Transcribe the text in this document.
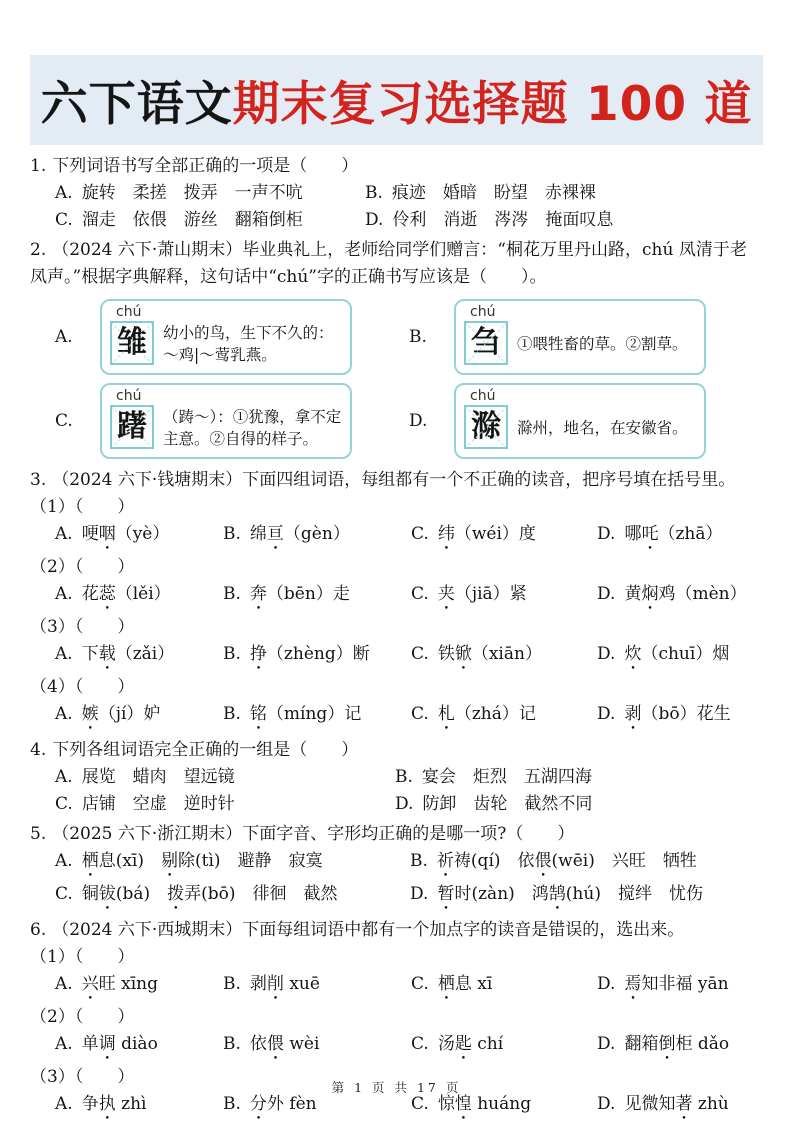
六下语文 期末复习选择题 100 道

1. 下列词语书写全部正确的一项是（　　）

A. 旋转　柔搓　拨弄　一声不吭	B. 痕迹　婚暗　盼望　赤裸裸
C. 溜走　依偎　游丝　翻箱倒柜	D. 伶利　消逝　涔涔　掩面叹息

2. （2024 六下·萧山期末）毕业典礼上，老师给同学们赠言：“桐花万里丹山路，chú 凤清于老凤声。”根据字典解释，这句话中“chú”字的正确书写应该是（　　）。

A.
chú
雏 幼小的鸟，生下不久的：～鸡|～莺乳燕。
B.
chú
刍 ①喂牲畜的草。②割草。
C.
chú
躇 （踌～）：①犹豫，拿不定主意。②自得的样子。
D.
chú
滁 滁州，地名，在安徽省。

3. （2024 六下·钱塘期末）下面四组词语，每组都有一个不正确的读音，把序号填在括号里。（1）（　　）

A. 哽咽（yè）	B. 绵亘（gèn）	C. 纬（wéi）度	D. 哪吒（zhā）

（2）（　　）

A. 花蕊（lěi）	B. 奔（bēn）走	C. 夹（jiā）紧	D. 黄焖鸡（mèn）

（3）（　　）

A. 下载（zǎi）	B. 挣（zhèng）断	C. 铁锨（xiān）	D. 炊（chuī）烟

（4）（　　）

A. 嫉（jí）妒	B. 铭（míng）记	C. 札（zhá）记	D. 剥（bō）花生

4. 下列各组词语完全正确的一组是（　　）

A. 展览　蜡肉　望远镜	B. 宴会　炬烈　五湖四海
C. 店铺　空虚　逆时针	D. 防卸　齿轮　截然不同

5. （2025 六下·浙江期末）下面字音、字形均正确的是哪一项?（　　）

A. 栖息(xī)　 剔除(tì)　 避静　 寂寞	B. 祈祷(qí)　 依偎(wēi)　 兴旺　 牺牲
C. 铜钹(bá)　 拨弄(bō)　 徘徊　 截然	D. 暂时(zàn)　 鸿鹄(hú)　 搅绊　 忧伤

6. （2024 六下·西城期末）下面每组词语中都有一个加点字的读音是错误的，选出来。

（1）（　　）

A. 兴旺 xīng	B. 剥削 xuē	C. 栖息 xī	D. 焉知非福 yān

（2）（　　）

A. 单调 diào	B. 依偎 wèi	C. 汤匙 chí	D. 翻箱倒柜 dǎo

（3）（　　）

A. 争执 zhì	B. 分外 fèn	C. 惊惶 huáng	D. 见微知著 zhù
第 1 页 共 17 页
